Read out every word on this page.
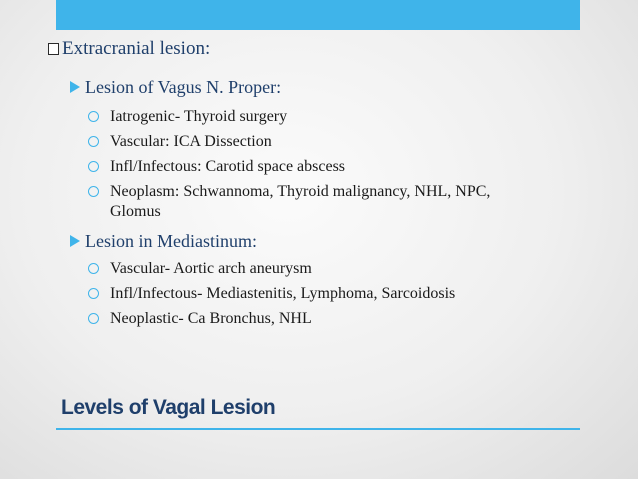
Extracranial lesion:
Lesion of Vagus N. Proper:
Iatrogenic- Thyroid surgery
Vascular: ICA Dissection
Infl/Infectous: Carotid space abscess
Neoplasm: Schwannoma, Thyroid malignancy, NHL, NPC, Glomus
Lesion in Mediastinum:
Vascular- Aortic arch aneurysm
Infl/Infectous- Mediastenitis, Lymphoma, Sarcoidosis
Neoplastic- Ca Bronchus, NHL
Levels of Vagal Lesion
